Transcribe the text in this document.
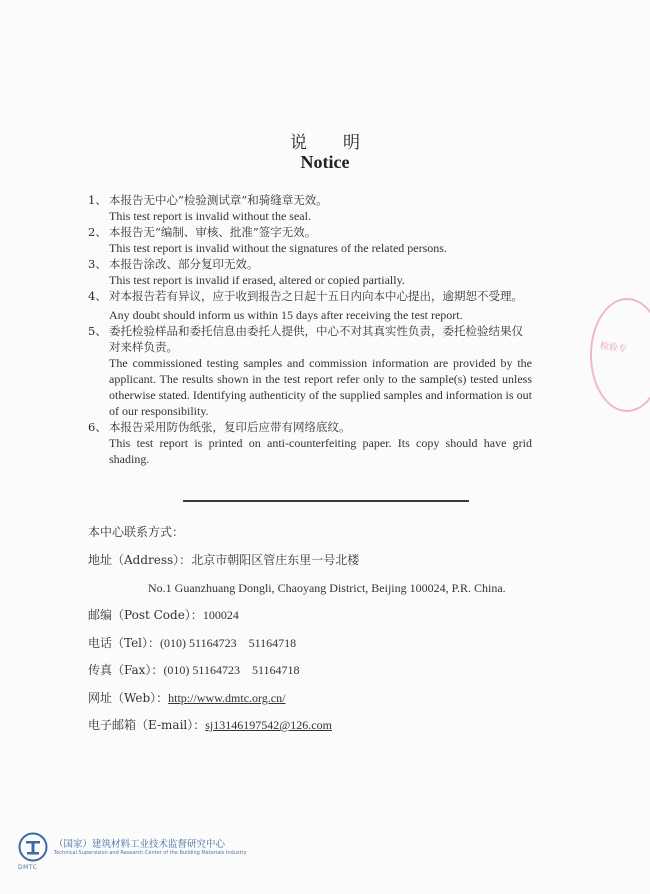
说明
Notice
1、 本报告无中心“检验测试章”和骑缝章无效。
This test report is invalid without the seal.
2、 本报告无“编制、审核、批准”签字无效。
This test report is invalid without the signatures of the related persons.
3、 本报告涂改、部分复印无效。
This test report is invalid if erased, altered or copied partially.
4、 对本报告若有异议，应于收到报告之日起十五日内向本中心提出，逾期恕不受理。
Any doubt should inform us within 15 days after receiving the test report.
5、 委托检验样品和委托信息由委托人提供，中心不对其真实性负责，委托检验结果仅对来样负责。
The commissioned testing samples and commission information are provided by the applicant. The results shown in the test report refer only to the sample(s) tested unless otherwise stated. Identifying authenticity of the supplied samples and information is out of our responsibility.
6、 本报告采用防伪纸张，复印后应带有网络底纹。
This test report is printed on anti-counterfeiting paper. Its copy should have grid shading.
本中心联系方式：
地址（Address）：北京市朝阳区管庄东里一号北楼
No.1 Guanzhuang Dongli, Chaoyang District, Beijing 100024, P.R. China.
邮编（Post Code）：100024
电话（Tel）：(010) 51164723    51164718
传真（Fax）：(010) 51164723    51164718
网址（Web）：http://www.dmtc.org.cn/
电子邮箱（E-mail）：sj13146197542@126.com
检验专
DMTC
（国家）建筑材料工业技术监督研究中心
Technical Supervision and Research Center of the Building Materials Industry
